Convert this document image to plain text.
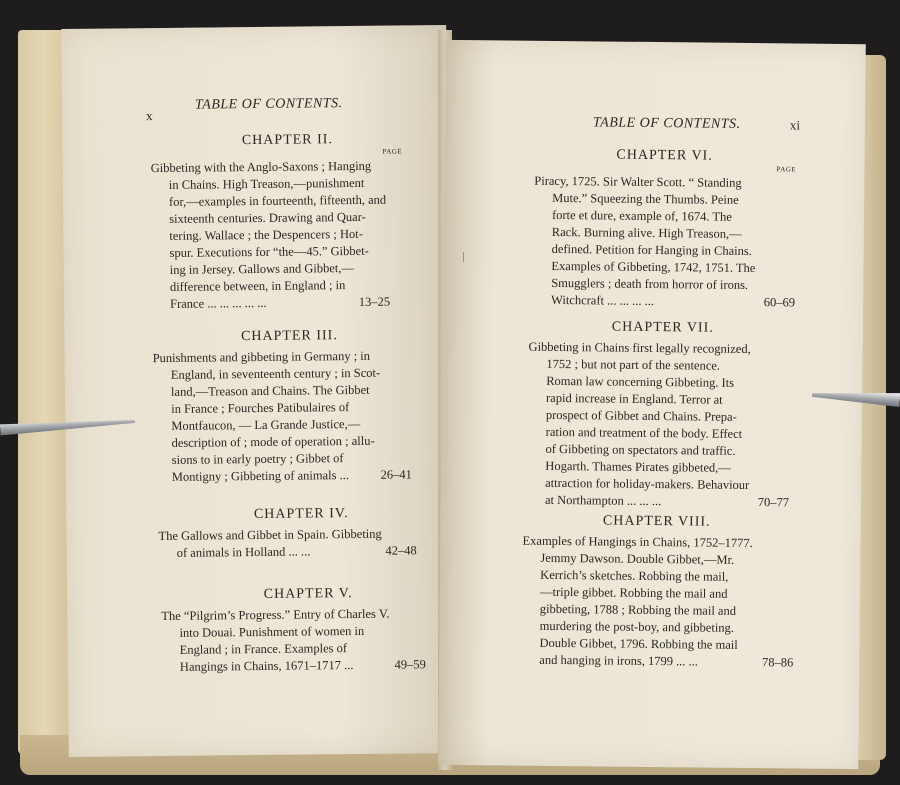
x
TABLE OF CONTENTS.
CHAPTER II.
PAGE
Gibbeting with the Anglo-Saxons ; Hanging
in Chains. High Treason,—punishment
for,—examples in fourteenth, fifteenth, and
sixteenth centuries. Drawing and Quar-
tering. Wallace ; the Despencers ; Hot-
spur. Executions for “the—45.” Gibbet-
ing in Jersey. Gallows and Gibbet,—
difference between, in England ; in
France ... ... ... ... ...	13–25
CHAPTER III.
Punishments and gibbeting in Germany ; in
England, in seventeenth century ; in Scot-
land,—Treason and Chains. The Gibbet
in France ; Fourches Patibulaires of
Montfaucon, — La Grande Justice,—
description of ; mode of operation ; allu-
sions to in early poetry ; Gibbet of
Montigny ; Gibbeting of animals ...	26–41
CHAPTER IV.
The Gallows and Gibbet in Spain. Gibbeting
of animals in Holland ... ...	42–48
CHAPTER V.
The “Pilgrim’s Progress.” Entry of Charles V.
into Douai. Punishment of women in
England ; in France. Examples of
Hangings in Chains, 1671–1717 ...	49–59
TABLE OF CONTENTS.	xi
CHAPTER VI.
PAGE
Piracy, 1725. Sir Walter Scott. “ Standing
Mute.” Squeezing the Thumbs. Peine
forte et dure, example of, 1674. The
Rack. Burning alive. High Treason,—
defined. Petition for Hanging in Chains.
Examples of Gibbeting, 1742, 1751. The
Smugglers ; death from horror of irons.
Witchcraft ... ... ... ...	60–69
CHAPTER VII.
Gibbeting in Chains first legally recognized,
1752 ; but not part of the sentence.
Roman law concerning Gibbeting. Its
rapid increase in England. Terror at
prospect of Gibbet and Chains. Prepa-
ration and treatment of the body. Effect
of Gibbeting on spectators and traffic.
Hogarth. Thames Pirates gibbeted,—
attraction for holiday-makers. Behaviour
at Northampton ... ... ...	70–77
CHAPTER VIII.
Examples of Hangings in Chains, 1752–1777.
Jemmy Dawson. Double Gibbet,—Mr.
Kerrich’s sketches. Robbing the mail,
—triple gibbet. Robbing the mail and
gibbeting, 1788 ; Robbing the mail and
murdering the post-boy, and gibbeting.
Double Gibbet, 1796. Robbing the mail
and hanging in irons, 1799 ... ...	78–86
